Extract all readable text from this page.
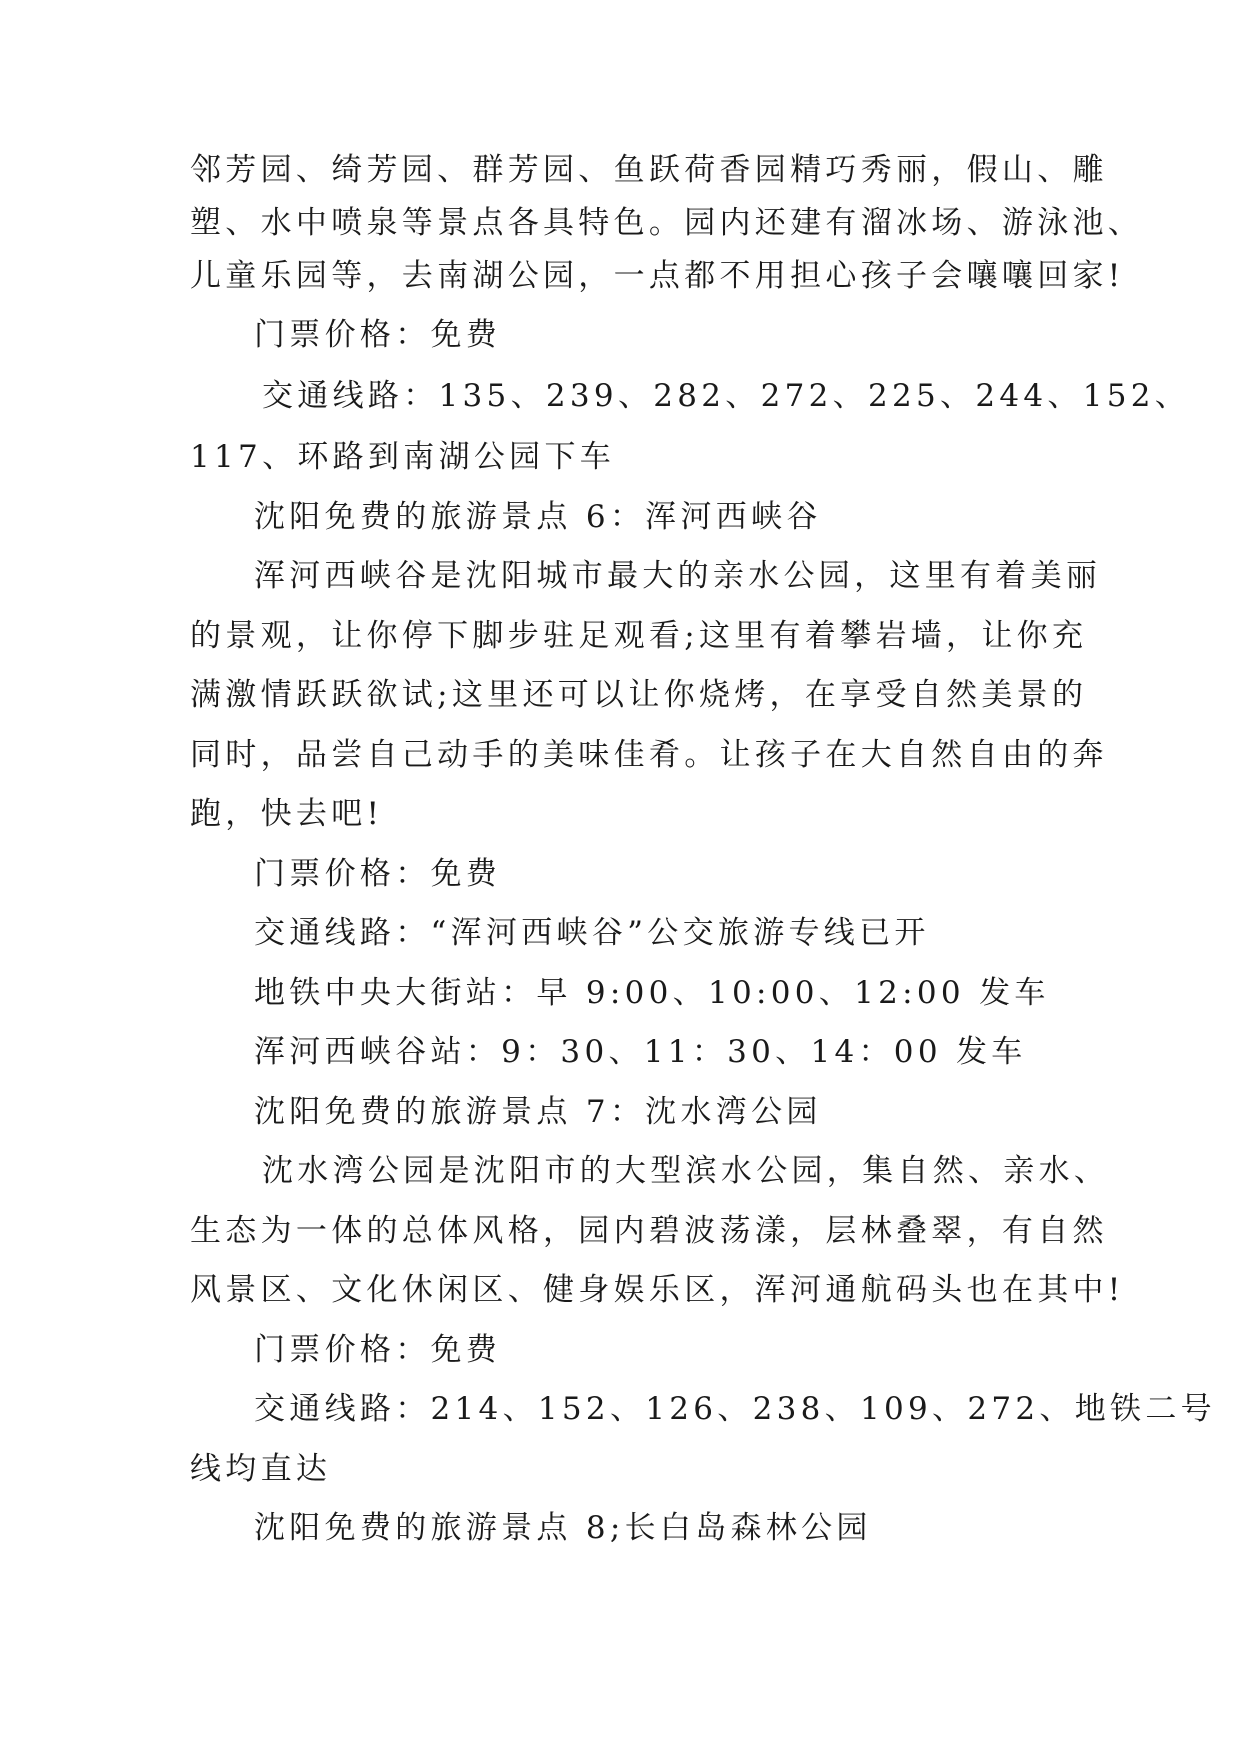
邻芳园、绮芳园、群芳园、鱼跃荷香园精巧秀丽，假山、雕
塑、水中喷泉等景点各具特色。园内还建有溜冰场、游泳池、
儿童乐园等，去南湖公园，一点都不用担心孩子会嚷嚷回家!
门票价格：免费
交通线路：135、239、282、272、225、244、152、
117、环路到南湖公园下车
沈阳免费的旅游景点 6：浑河西峡谷
浑河西峡谷是沈阳城市最大的亲水公园，这里有着美丽
的景观，让你停下脚步驻足观看;这里有着攀岩墙，让你充
满激情跃跃欲试;这里还可以让你烧烤，在享受自然美景的
同时，品尝自己动手的美味佳肴。让孩子在大自然自由的奔
跑，快去吧!
门票价格：免费
交通线路：“浑河西峡谷”公交旅游专线已开
地铁中央大街站：早 9:00、10:00、12:00 发车
浑河西峡谷站：9：30、11：30、14：00 发车
沈阳免费的旅游景点 7：沈水湾公园
沈水湾公园是沈阳市的大型滨水公园，集自然、亲水、
生态为一体的总体风格，园内碧波荡漾，层林叠翠，有自然
风景区、文化休闲区、健身娱乐区，浑河通航码头也在其中!
门票价格：免费
交通线路：214、152、126、238、109、272、地铁二号
线均直达
沈阳免费的旅游景点 8;长白岛森林公园
